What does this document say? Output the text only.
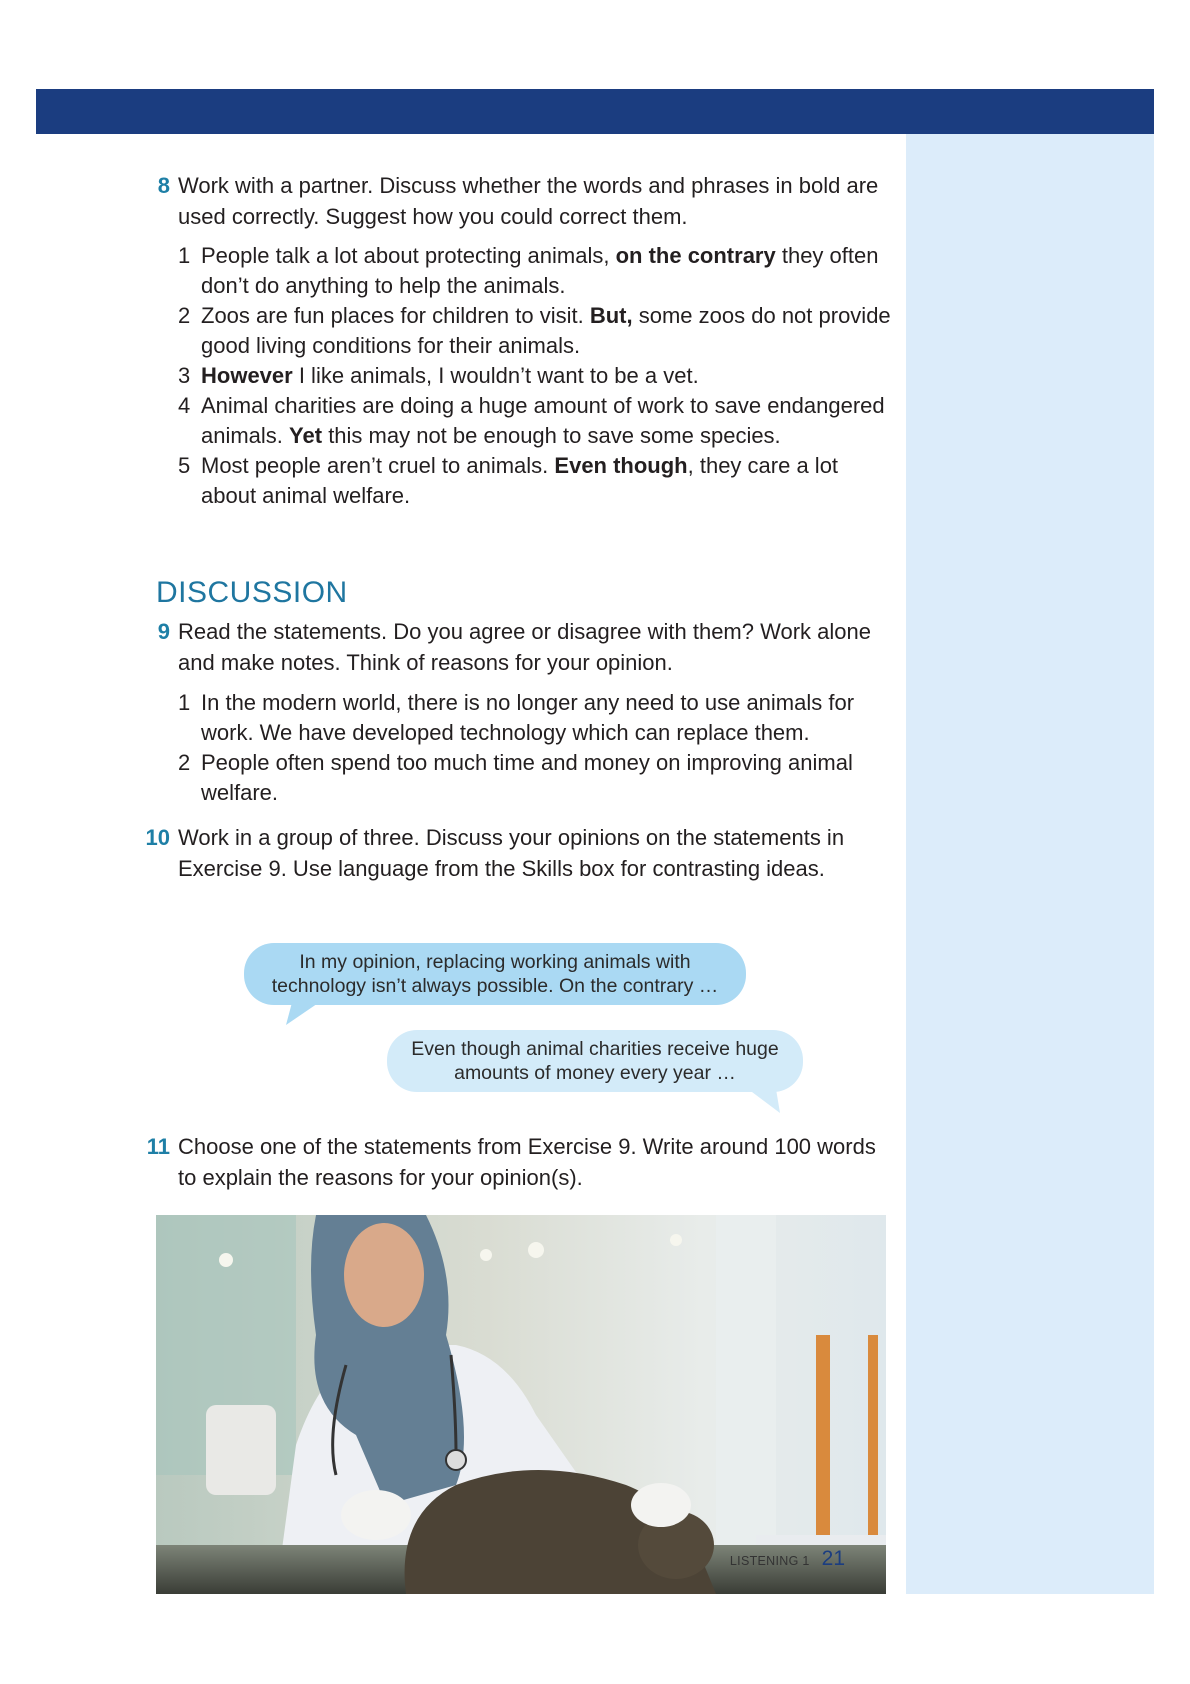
8 Work with a partner. Discuss whether the words and phrases in bold are used correctly. Suggest how you could correct them.
1 People talk a lot about protecting animals, on the contrary they often don’t do anything to help the animals.
2 Zoos are fun places for children to visit. But, some zoos do not provide good living conditions for their animals.
3 However I like animals, I wouldn’t want to be a vet.
4 Animal charities are doing a huge amount of work to save endangered animals. Yet this may not be enough to save some species.
5 Most people aren’t cruel to animals. Even though, they care a lot about animal welfare.
DISCUSSION
9 Read the statements. Do you agree or disagree with them? Work alone and make notes. Think of reasons for your opinion.
1 In the modern world, there is no longer any need to use animals for work. We have developed technology which can replace them.
2 People often spend too much time and money on improving animal welfare.
10 Work in a group of three. Discuss your opinions on the statements in Exercise 9. Use language from the Skills box for contrasting ideas.
In my opinion, replacing working animals with
technology isn’t always possible. On the contrary …
Even though animal charities receive huge
amounts of money every year …
11 Choose one of the statements from Exercise 9. Write around 100 words to explain the reasons for your opinion(s).
LISTENING 1 21
